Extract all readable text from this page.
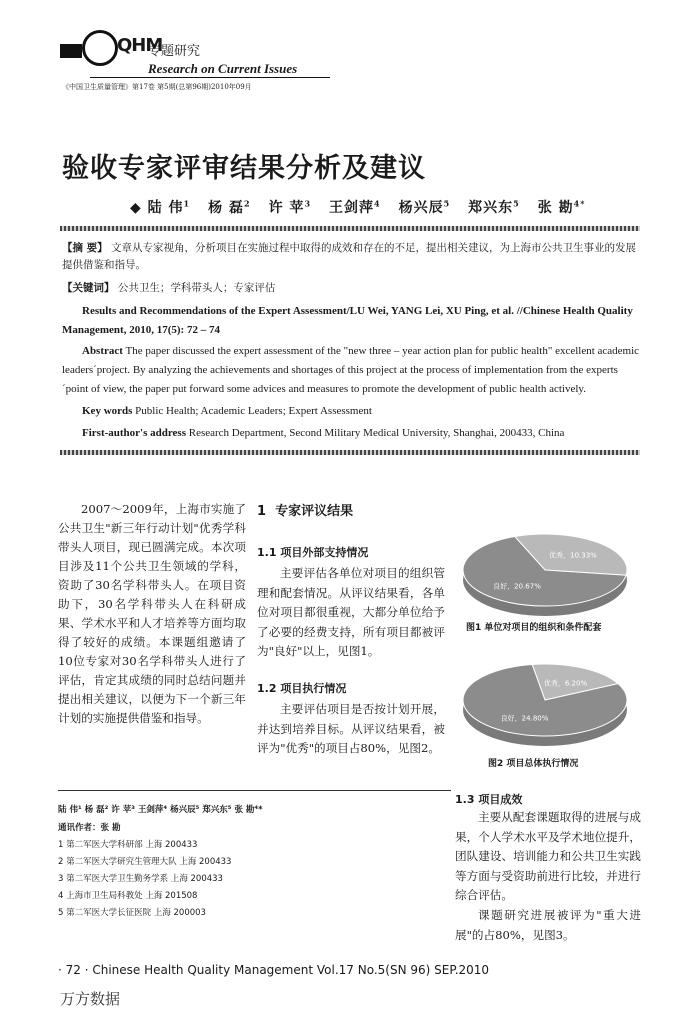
QHM
专题研究
Research on Current Issues
《中国卫生质量管理》第17卷 第5期(总第96期)2010年09月
验收专家评审结果分析及建议
◆ 陆 伟$^1$ 杨 磊$^2$ 许 苹$^3$ 王剑萍$^4$ 杨兴辰$^5$ 郑兴东$^5$ 张 勘$^{4*}$
【摘 要】 文章从专家视角，分析项目在实施过程中取得的成效和存在的不足，提出相关建议，为上海市公共卫生事业的发展提供借鉴和指导。
【关键词】 公共卫生；学科带头人；专家评估
Results and Recommendations of the Expert Assessment/LU Wei, YANG Lei, XU Ping, et al. //Chinese Health Quality Management, 2010, 17(5): 72 – 74
Abstract The paper discussed the expert assessment of the "new three – year action plan for public health" excellent academic leaders´project. By analyzing the achievements and shortages of this project at the process of implementation from the experts´point of view, the paper put forward some advices and measures to promote the development of public health actively.
Key words Public Health; Academic Leaders; Expert Assessment
First-author's address Research Department, Second Military Medical University, Shanghai, 200433, China
2007～2009年，上海市实施了公共卫生"新三年行动计划"优秀学科带头人项目，现已圆满完成。本次项目涉及11个公共卫生领域的学科，资助了30名学科带头人。在项目资助下，30名学科带头人在科研成果、学术水平和人才培养等方面均取得了较好的成绩。本课题组邀请了10位专家对30名学科带头人进行了评估，肯定其成绩的同时总结问题并提出相关建议，以便为下一个新三年计划的实施提供借鉴和指导。
1 专家评议结果
1.1 项目外部支持情况
主要评估各单位对项目的组织管理和配套情况。从评议结果看，各单位对项目都很重视，大都分单位给予了必要的经费支持，所有项目都被评为"良好"以上，见图1。
1.2 项目执行情况
主要评估项目是否按计划开展，并达到培养目标。从评议结果看，被评为"优秀"的项目占80%，见图2。
优秀，10.33%
良好，20.67%
图1 单位对项目的组织和条件配套
优秀，6.20%
良好，24.80%
图2 项目总体执行情况
1.3 项目成效
主要从配套课题取得的进展与成果，个人学术水平及学术地位提升，团队建设、培训能力和公共卫生实践等方面与受资助前进行比较，并进行综合评估。
课题研究进展被评为"重大进展"的占80%，见图3。
陆 伟¹ 杨 磊² 许 苹³ 王剑萍⁴ 杨兴辰⁵ 郑兴东⁵ 张 勘⁴*
通讯作者：张 勘
1 第二军医大学科研部 上海 200433
2 第二军医大学研究生管理大队 上海 200433
3 第二军医大学卫生勤务学系 上海 200433
4 上海市卫生局科教处 上海 201508
5 第二军医大学长征医院 上海 200003
· 72 · Chinese Health Quality Management Vol.17 No.5(SN 96) SEP.2010
万方数据
